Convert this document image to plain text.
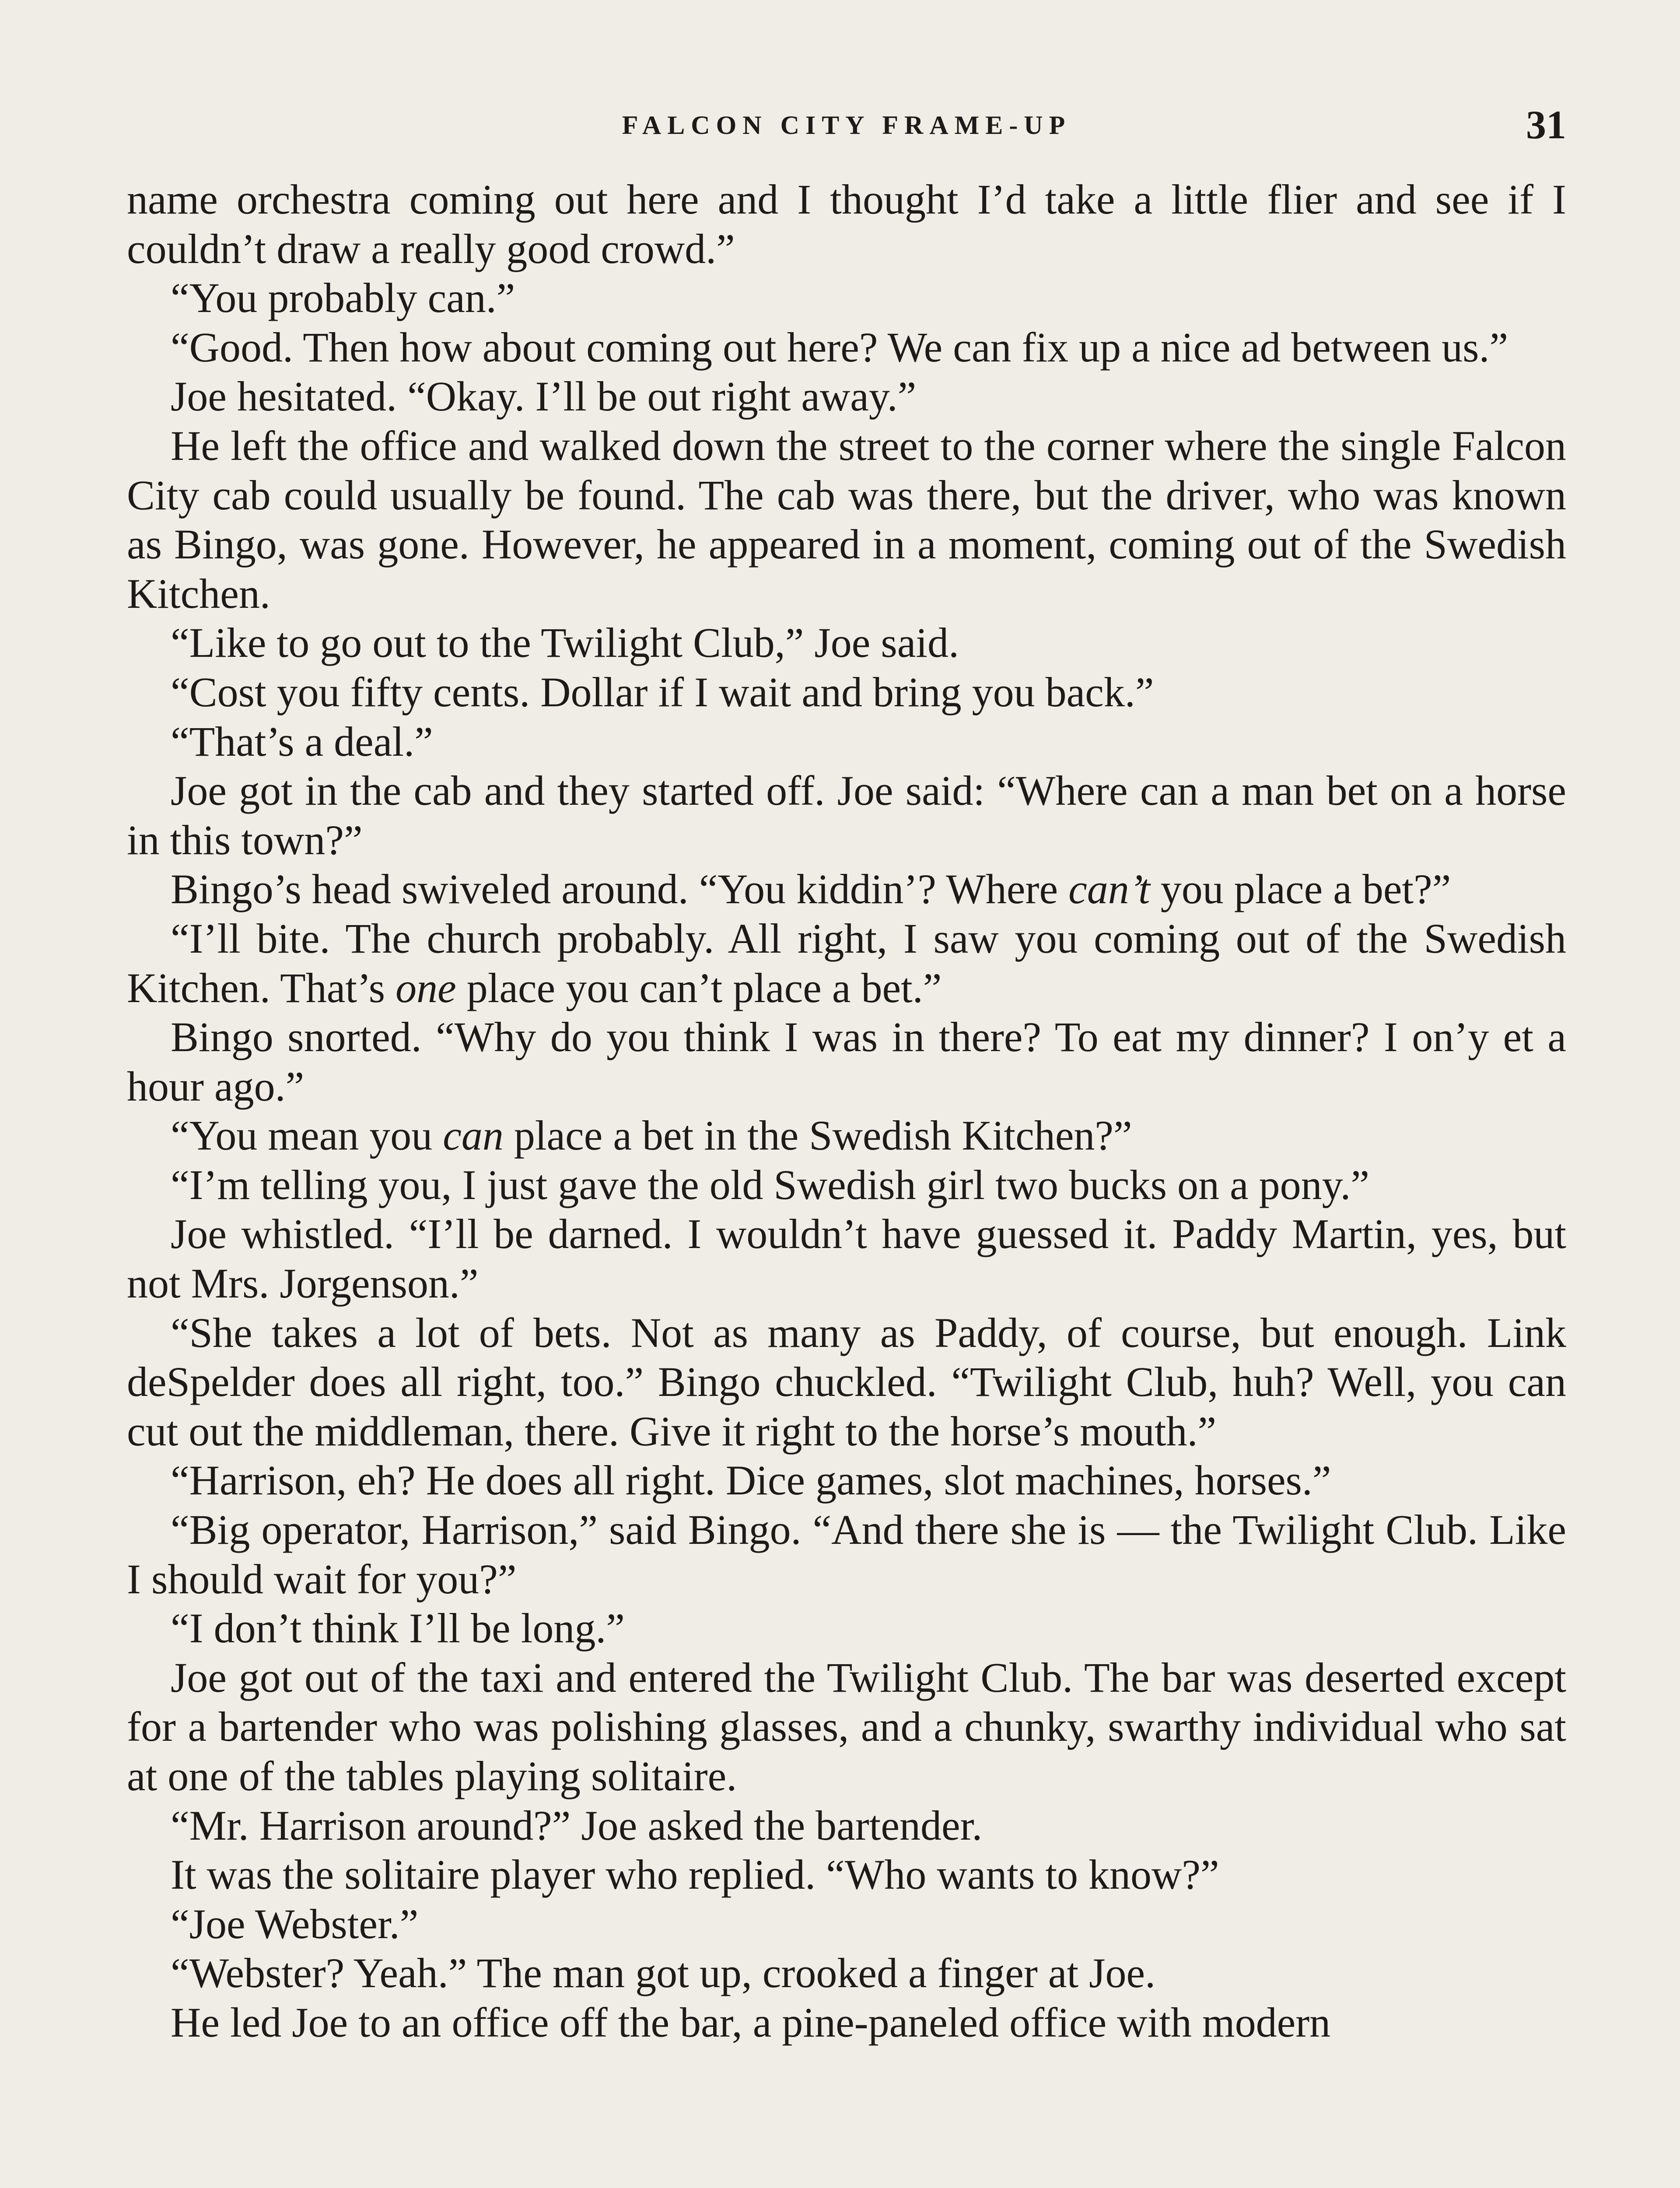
FALCON CITY FRAME-UP	31

name orchestra coming out here and I thought I’d take a little flier and see if I couldn’t draw a really good crowd.”

“You probably can.”

“Good. Then how about coming out here? We can fix up a nice ad between us.”

Joe hesitated. “Okay. I’ll be out right away.”

He left the office and walked down the street to the corner where the single Falcon City cab could usually be found. The cab was there, but the driver, who was known as Bingo, was gone. However, he appeared in a moment, coming out of the Swedish Kitchen.

“Like to go out to the Twilight Club,” Joe said.

“Cost you fifty cents. Dollar if I wait and bring you back.”

“That’s a deal.”

Joe got in the cab and they started off. Joe said: “Where can a man bet on a horse in this town?”

Bingo’s head swiveled around. “You kiddin’? Where can’t you place a bet?”

“I’ll bite. The church probably. All right, I saw you coming out of the Swedish Kitchen. That’s one place you can’t place a bet.”

Bingo snorted. “Why do you think I was in there? To eat my dinner? I on’y et a hour ago.”

“You mean you can place a bet in the Swedish Kitchen?”

“I’m telling you, I just gave the old Swedish girl two bucks on a pony.”

Joe whistled. “I’ll be darned. I wouldn’t have guessed it. Paddy Martin, yes, but not Mrs. Jorgenson.”

“She takes a lot of bets. Not as many as Paddy, of course, but enough. Link deSpelder does all right, too.” Bingo chuckled. “Twilight Club, huh? Well, you can cut out the middleman, there. Give it right to the horse’s mouth.”

“Harrison, eh? He does all right. Dice games, slot machines, horses.”

“Big operator, Harrison,” said Bingo. “And there she is — the Twilight Club. Like I should wait for you?”

“I don’t think I’ll be long.”

Joe got out of the taxi and entered the Twilight Club. The bar was deserted except for a bartender who was polishing glasses, and a chunky, swarthy individual who sat at one of the tables playing solitaire.

“Mr. Harrison around?” Joe asked the bartender.

It was the solitaire player who replied. “Who wants to know?”

“Joe Webster.”

“Webster? Yeah.” The man got up, crooked a finger at Joe.

He led Joe to an office off the bar, a pine-paneled office with modern
